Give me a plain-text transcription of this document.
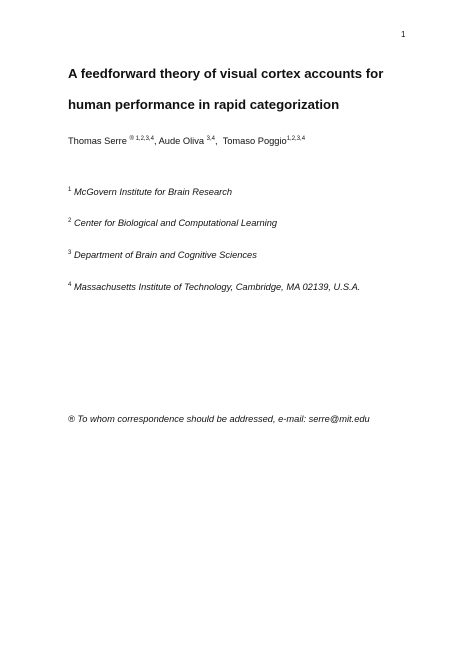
1
A feedforward theory of visual cortex accounts for
human performance in rapid categorization
Thomas Serre $^{® 1,2,3,4}$, Aude Oliva $^{3,4}$,  Tomaso Poggio$^{1,2,3,4}$
$^1$ McGovern Institute for Brain Research
$^2$ Center for Biological and Computational Learning
$^3$ Department of Brain and Cognitive Sciences
$^4$ Massachusetts Institute of Technology, Cambridge, MA 02139, U.S.A.
® To whom correspondence should be addressed, e-mail: serre@mit.edu
